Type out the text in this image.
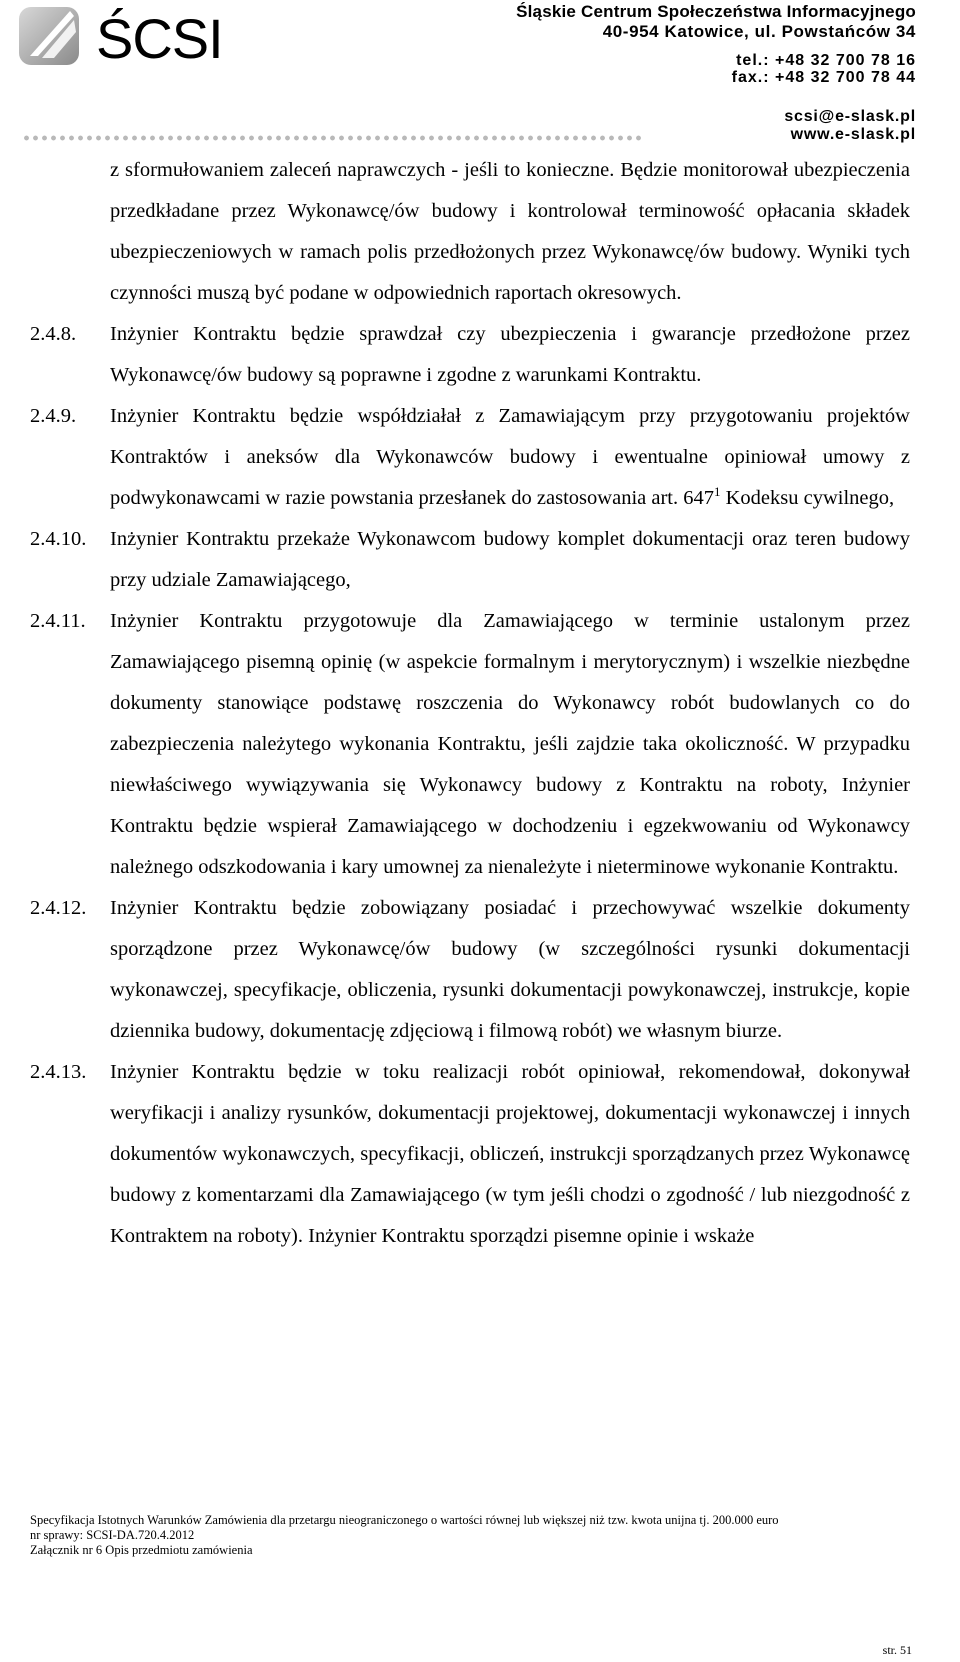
ŚCSI	Śląskie Centrum Społeczeństwa Informacyjnego
40-954 Katowice, ul. Powstańców 34
tel.: +48 32 700 78 16
fax.: +48 32 700 78 44
scsi@e-slask.pl
www.e-slask.pl
z sformułowaniem zaleceń naprawczych - jeśli to konieczne. Będzie monitorował ubezpieczenia przedkładane przez Wykonawcę/ów budowy i kontrolował terminowość opłacania składek ubezpieczeniowych w ramach polis przedłożonych przez Wykonawcę/ów budowy. Wyniki tych czynności muszą być podane w odpowiednich raportach okresowych.
2.4.8. Inżynier Kontraktu będzie sprawdzał czy ubezpieczenia i gwarancje przedłożone przez Wykonawcę/ów budowy są poprawne i zgodne z warunkami Kontraktu.
2.4.9. Inżynier Kontraktu będzie współdziałał z Zamawiającym przy przygotowaniu projektów Kontraktów i aneksów dla Wykonawców budowy i ewentualne opiniował umowy z podwykonawcami w razie powstania przesłanek do zastosowania art. $647^1$ Kodeksu cywilnego,
2.4.10. Inżynier Kontraktu przekaże Wykonawcom budowy komplet dokumentacji oraz teren budowy przy udziale Zamawiającego,
2.4.11. Inżynier Kontraktu przygotowuje dla Zamawiającego w terminie ustalonym przez Zamawiającego pisemną opinię (w aspekcie formalnym i merytorycznym) i wszelkie niezbędne dokumenty stanowiące podstawę roszczenia do Wykonawcy robót budowlanych co do zabezpieczenia należytego wykonania Kontraktu, jeśli zajdzie taka okoliczność. W przypadku niewłaściwego wywiązywania się Wykonawcy budowy z Kontraktu na roboty, Inżynier Kontraktu będzie wspierał Zamawiającego w dochodzeniu i egzekwowaniu od Wykonawcy należnego odszkodowania i kary umownej za nienależyte i nieterminowe wykonanie Kontraktu.
2.4.12. Inżynier Kontraktu będzie zobowiązany posiadać i przechowywać wszelkie dokumenty sporządzone przez Wykonawcę/ów budowy (w szczególności rysunki dokumentacji wykonawczej, specyfikacje, obliczenia, rysunki dokumentacji powykonawczej, instrukcje, kopie dziennika budowy, dokumentację zdjęciową i filmową robót) we własnym biurze.
2.4.13. Inżynier Kontraktu będzie w toku realizacji robót opiniował, rekomendował, dokonywał weryfikacji i analizy rysunków, dokumentacji projektowej, dokumentacji wykonawczej i innych dokumentów wykonawczych, specyfikacji, obliczeń, instrukcji sporządzanych przez Wykonawcę budowy z komentarzami dla Zamawiającego (w tym jeśli chodzi o zgodność / lub niezgodność z Kontraktem na roboty). Inżynier Kontraktu sporządzi pisemne opinie i wskaże
Specyfikacja Istotnych Warunków Zamówienia dla przetargu nieograniczonego o wartości równej lub większej niż tzw. kwota unijna tj. 200.000 euro
nr sprawy: SCSI-DA.720.4.2012
Załącznik nr 6 Opis przedmiotu zamówienia
str. 51
